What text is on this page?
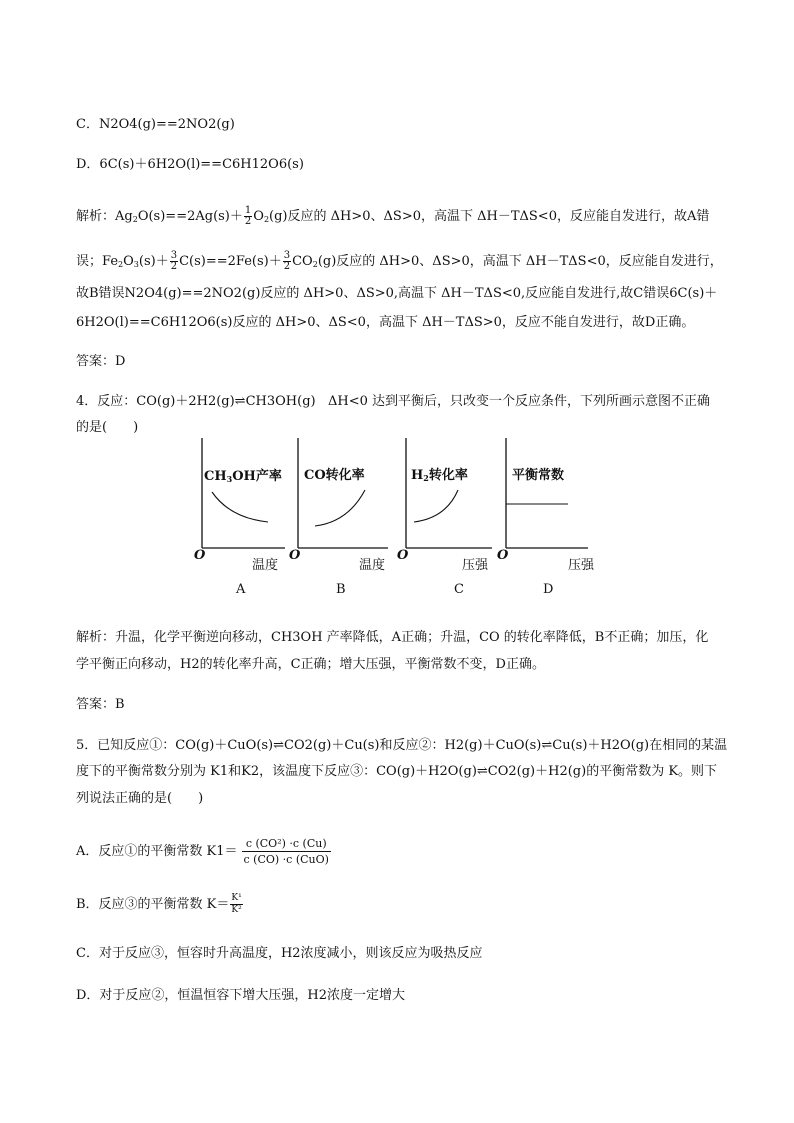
C．N2O4(g)==2NO2(g)
D．6C(s)＋6H2O(l)==C6H12O6(s)
解析：$Ag_2O(s)==2Ag(s)+ \frac{1}{2} O_2(g)$反应的 ΔH>0、ΔS>0，高温下 ΔH－TΔS<0，反应能自发进行，故A错
误；$Fe_2O_3(s)+ \frac{3}{2} C(s)==2Fe(s)+ \frac{3}{2} CO_2(g)$反应的 ΔH>0、ΔS>0，高温下 ΔH－TΔS<0，反应能自发进行，
故B错误N2O4(g)==2NO2(g)反应的 ΔH>0、ΔS>0,高温下 ΔH－TΔS<0,反应能自发进行,故C错误6C(s)＋
6H2O(l)==C6H12O6(s)反应的 ΔH>0、ΔS<0，高温下 ΔH－TΔS>0，反应不能自发进行，故D正确。
答案：D
4．反应：CO(g)＋2H2(g)⇌CH3OH(g) ΔH<0 达到平衡后，只改变一个反应条件，下列所画示意图不正确
的是(　　)
$CH_3OH$产率 CO转化率	$H_2$转化率	平衡常数
O	O	O	O
温度	温度	压强	压强
A	B	C	D
解析：升温，化学平衡逆向移动，CH3OH 产率降低，A正确；升温，CO 的转化率降低，B不正确；加压，化
学平衡正向移动，H2的转化率升高，C正确；增大压强，平衡常数不变，D正确。
答案：B
5．已知反应①：CO(g)＋CuO(s)⇌CO2(g)＋Cu(s)和反应②：H2(g)＋CuO(s)⇌Cu(s)＋H2O(g)在相同的某温
度下的平衡常数分别为 K1和K2，该温度下反应③：CO(g)＋H2O(g)⇌CO2(g)＋H2(g)的平衡常数为 K。则下
列说法正确的是(　　)
A．反应①的平衡常数 $K1= \frac{\text{c (CO²) ·c (Cu)}}{\text{c (CO) ·c (CuO)}}$
B．反应③的平衡常数 $K= \frac{\text{K¹}}{\text{K²}}$
C．对于反应③，恒容时升高温度，H2浓度减小，则该反应为吸热反应
D．对于反应②，恒温恒容下增大压强，H2浓度一定增大
